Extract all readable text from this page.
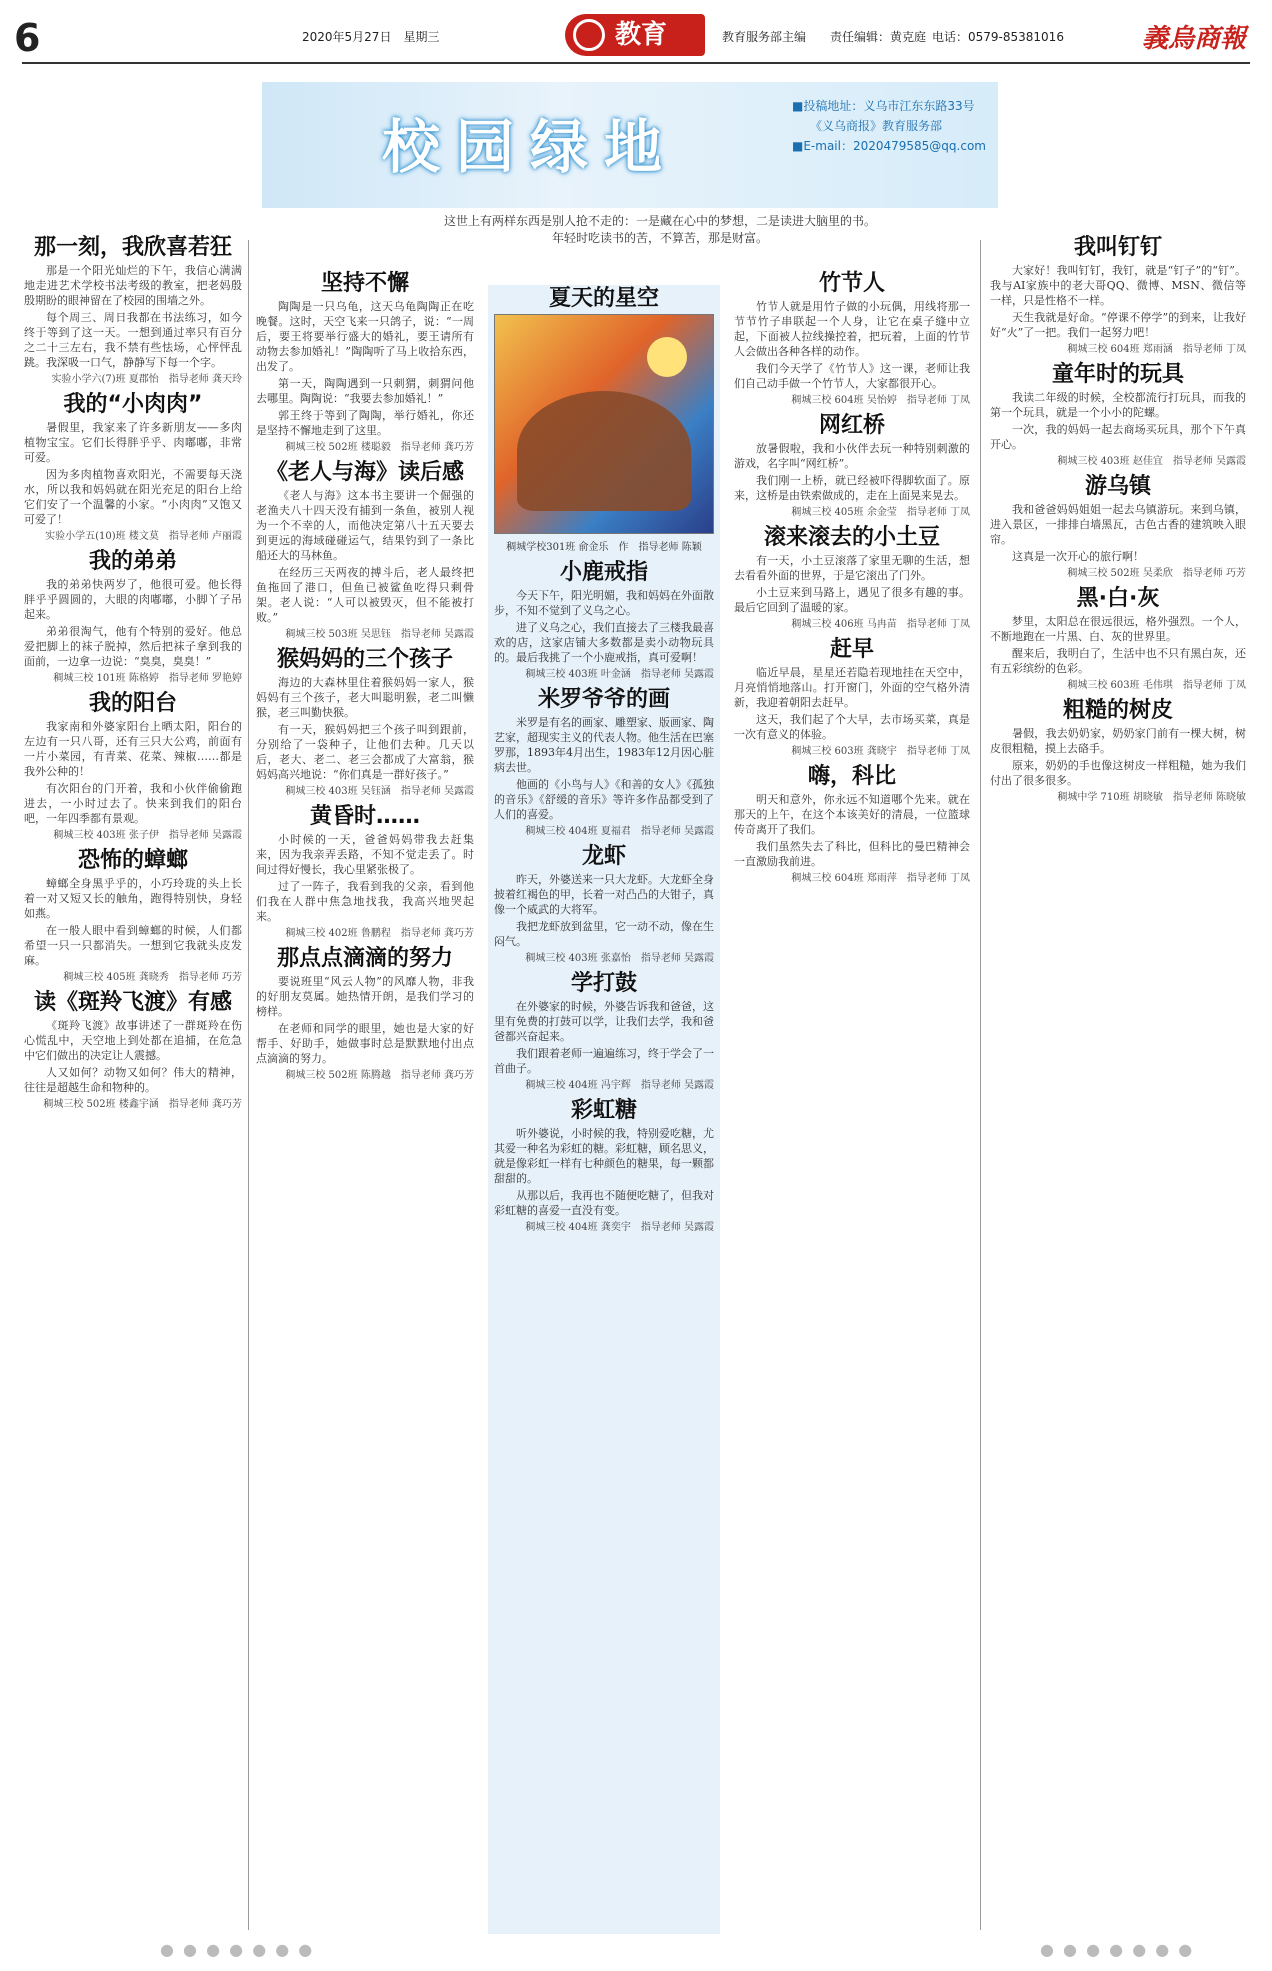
6	2020年5月27日　星期三	教育	教育服务部主编 责任编辑：黄克庭 电话：0579-85381016	義烏商報
校园绿地
■投稿地址：义乌市江东东路33号
《义乌商报》教育服务部
■E-mail：2020479585@qq.com
这世上有两样东西是别人抢不走的：一是藏在心中的梦想，二是读进大脑里的书。年轻时吃读书的苦，不算苦，那是财富。
那一刻，我欣喜若狂

那是一个阳光灿烂的下午，我信心满满地走进艺术学校书法考级的教室，把老妈殷殷期盼的眼神留在了校园的围墙之外。

每个周三、周日我都在书法练习，如今终于等到了这一天。一想到通过率只有百分之二十三左右，我不禁有些怯场，心怦怦乱跳。我深吸一口气，静静写下每一个字。

实验小学六(7)班 夏郡怡　指导老师 龚天玲
我的“小肉肉”

暑假里，我家来了许多新朋友——多肉植物宝宝。它们长得胖乎乎、肉嘟嘟，非常可爱。

因为多肉植物喜欢阳光，不需要每天浇水，所以我和妈妈就在阳光充足的阳台上给它们安了一个温馨的小家。“小肉肉”又饱又可爱了！

实验小学五(10)班 楼文莫　指导老师 卢丽霞
我的弟弟

我的弟弟快两岁了，他很可爱。他长得胖乎乎圆圆的，大眼的肉嘟嘟，小脚丫子吊起来。

弟弟很淘气，他有个特别的爱好。他总爱把脚上的袜子脱掉，然后把袜子拿到我的面前，一边拿一边说：“臭臭，臭臭！”

稠城三校 101班 陈格婷　指导老师 罗艳婷
我的阳台

我家南和外婆家阳台上晒太阳，阳台的左边有一只八哥，还有三只大公鸡，前面有一片小菜园，有青菜、花菜、辣椒……都是我外公种的！

有次阳台的门开着，我和小伙伴偷偷跑进去，一小时过去了。快来到我们的阳台吧，一年四季都有景观。

稠城三校 403班 张子伊　指导老师 吴露霞
恐怖的蟑螂

蟑螂全身黑乎乎的，小巧玲珑的头上长着一对又短又长的触角，跑得特别快，身轻如燕。

在一般人眼中看到蟑螂的时候，人们都希望一只一只都消失。一想到它我就头皮发麻。

稠城三校 405班 龚晓秀　指导老师 巧芳
读《斑羚飞渡》有感

《斑羚飞渡》故事讲述了一群斑羚在伤心慌乱中，天空地上到处都在追捕，在危急中它们做出的决定让人震撼。

人又如何？动物又如何？伟大的精神，往往是超越生命和物种的。

稠城三校 502班 楼鑫宇涵　指导老师 龚巧芳
坚持不懈

陶陶是一只乌龟，这天乌龟陶陶正在吃晚餐。这时，天空飞来一只鸽子，说：“一周后，要王将要举行盛大的婚礼，要王请所有动物去参加婚礼！”陶陶听了马上收拾东西，出发了。

第一天，陶陶遇到一只刺猬，刺猬问他去哪里。陶陶说：“我要去参加婚礼！”

郭王终于等到了陶陶，举行婚礼，你还是坚持不懈地走到了这里。

稠城三校 502班 楼聪毅　指导老师 龚巧芳
《老人与海》读后感

《老人与海》这本书主要讲一个倔强的老渔夫八十四天没有捕到一条鱼，被别人视为一个不幸的人，而他决定第八十五天要去到更远的海域碰碰运气，结果钓到了一条比船还大的马林鱼。

在经历三天两夜的搏斗后，老人最终把鱼拖回了港口，但鱼已被鲨鱼吃得只剩骨架。老人说：“人可以被毁灭，但不能被打败。”

稠城三校 503班 吴思钰　指导老师 吴露霞
猴妈妈的三个孩子

海边的大森林里住着猴妈妈一家人，猴妈妈有三个孩子，老大叫聪明猴，老二叫懒猴，老三叫勤快猴。

有一天，猴妈妈把三个孩子叫到跟前，分别给了一袋种子，让他们去种。几天以后，老大、老二、老三会都成了大富翁，猴妈妈高兴地说：“你们真是一群好孩子。”

稠城三校 403班 吴钰涵　指导老师 吴露霞
黄昏时……

小时候的一天，爸爸妈妈带我去赶集来，因为我亲弄丢路，不知不觉走丢了。时间过得好慢长，我心里紧张极了。

过了一阵子，我看到我的父亲，看到他们我在人群中焦急地找我，我高兴地哭起来。

稠城三校 402班 鲁鹏程　指导老师 龚巧芳
那点点滴滴的努力

要说班里“风云人物”的风靡人物，非我的好朋友莫属。她热情开朗，是我们学习的榜样。

在老师和同学的眼里，她也是大家的好帮手、好助手，她做事时总是默默地付出点点滴滴的努力。

稠城三校 502班 陈腾越　指导老师 龚巧芳
夏天的星空
稠城学校301班 俞金乐　作　指导老师 陈颖
小鹿戒指

今天下午，阳光明媚，我和妈妈在外面散步，不知不觉到了义乌之心。

进了义乌之心，我们直接去了三楼我最喜欢的店，这家店铺大多数都是卖小动物玩具的。最后我挑了一个小鹿戒指，真可爱啊！

稠城三校 403班 叶金涵　指导老师 吴露霞
米罗爷爷的画

米罗是有名的画家、雕塑家、版画家、陶艺家，超现实主义的代表人物。他生活在巴塞罗那，1893年4月出生，1983年12月因心脏病去世。

他画的《小鸟与人》《和善的女人》《孤独的音乐》《舒缓的音乐》等许多作品都受到了人们的喜爱。

稠城三校 404班 夏福君　指导老师 吴露霞
龙虾

昨天，外婆送来一只大龙虾。大龙虾全身披着红褐色的甲，长着一对凸凸的大钳子，真像一个威武的大将军。

我把龙虾放到盆里，它一动不动，像在生闷气。

稠城三校 403班 张嘉怡　指导老师 吴露霞
学打鼓

在外婆家的时候，外婆告诉我和爸爸，这里有免费的打鼓可以学，让我们去学，我和爸爸都兴奋起来。

我们跟着老师一遍遍练习，终于学会了一首曲子。

稠城三校 404班 冯宇辉　指导老师 吴露霞
彩虹糖

听外婆说，小时候的我，特别爱吃糖，尤其爱一种名为彩虹的糖。彩虹糖，顾名思义，就是像彩虹一样有七种颜色的糖果，每一颗都甜甜的。

从那以后，我再也不随便吃糖了，但我对彩虹糖的喜爱一直没有变。

稠城三校 404班 龚奕宇　指导老师 吴露霞
竹节人

竹节人就是用竹子做的小玩偶，用线将那一节节竹子串联起一个人身，让它在桌子缝中立起，下面被人拉线操控着，把玩着，上面的竹节人会做出各种各样的动作。

我们今天学了《竹节人》这一课，老师让我们自己动手做一个竹节人，大家都很开心。

稠城三校 604班 吴怡婷　指导老师 丁凤
网红桥

放暑假啦，我和小伙伴去玩一种特别刺激的游戏，名字叫“网红桥”。

我们刚一上桥，就已经被吓得脚软面了。原来，这桥是由铁索做成的，走在上面晃来晃去。

稠城三校 405班 余金莹　指导老师 丁凤
滚来滚去的小土豆

有一天，小土豆滚落了家里无聊的生活，想去看看外面的世界，于是它滚出了门外。

小土豆来到马路上，遇见了很多有趣的事。最后它回到了温暖的家。

稠城三校 406班 马冉苗　指导老师 丁凤
赶早

临近早晨，星星还若隐若现地挂在天空中，月亮悄悄地落山。打开窗门，外面的空气格外清新，我迎着朝阳去赶早。

这天，我们起了个大早，去市场买菜，真是一次有意义的体验。

稠城三校 603班 龚晓宇　指导老师 丁凤
嗨，科比

明天和意外，你永远不知道哪个先来。就在那天的上午，在这个本该美好的清晨，一位篮球传奇离开了我们。

我们虽然失去了科比，但科比的曼巴精神会一直激励我前进。

稠城三校 604班 郑雨萍　指导老师 丁凤
我叫钉钉

大家好！我叫钉钉，我钉，就是“钉子”的“钉”。我与AI家族中的老大哥QQ、微博、MSN、微信等一样，只是性格不一样。

天生我就是好命。“停课不停学”的到来，让我好好“火”了一把。我们一起努力吧！

稠城三校 604班 郑雨涵　指导老师 丁凤
童年时的玩具

我读二年级的时候，全校都流行打玩具，而我的第一个玩具，就是一个小小的陀螺。

一次，我的妈妈一起去商场买玩具，那个下午真开心。

稠城三校 403班 赵佳宜　指导老师 吴露霞
游乌镇

我和爸爸妈妈姐姐一起去乌镇游玩。来到乌镇，进入景区，一排排白墙黑瓦，古色古香的建筑映入眼帘。

这真是一次开心的旅行啊！

稠城三校 502班 吴柔欣　指导老师 巧芳
黑·白·灰

梦里，太阳总在很远很远，格外强烈。一个人，不断地跑在一片黑、白、灰的世界里。

醒来后，我明白了，生活中也不只有黑白灰，还有五彩缤纷的色彩。

稠城三校 603班 毛伟琪　指导老师 丁凤
粗糙的树皮

暑假，我去奶奶家，奶奶家门前有一棵大树，树皮很粗糙，摸上去硌手。

原来，奶奶的手也像这树皮一样粗糙，她为我们付出了很多很多。

稠城中学 710班 胡晓敏　指导老师 陈晓敏
● ● ● ● ● ● ●	● ● ● ● ● ● ●
